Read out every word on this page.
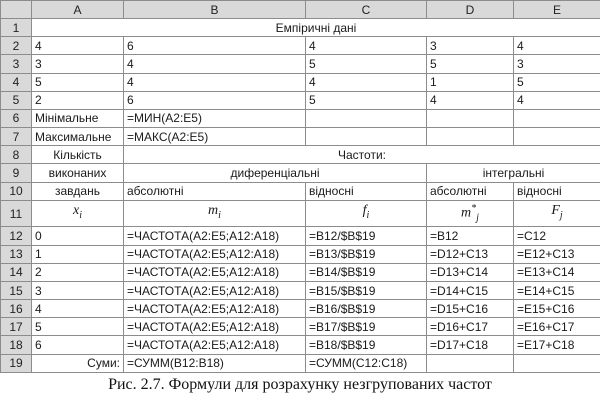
	A	B	C	D	E
1	Емпіричні дані				
2	4	6	4	3	4
3	3	4	5	5	3
4	5	4	4	1	5
5	2	6	5	4	4
6	Мінімальне	=МИН(A2:E5)			
7	Максимальне	=МАКС(A2:E5)			
8	Кількість	Частоти:			
9	виконаних	диференціальні		інтегральні	
10	завдань	абсолютні	відносні	абсолютні	відносні
11	$x_i$	$m_i$	$f_i$	$m^*_j$	$F_j$
12	0	=ЧАСТОТА(A2:E5;A12:A18)	=B12/$B$19	=B12	=C12
13	1	=ЧАСТОТА(A2:E5;A12:A18)	=B13/$B$19	=D12+C13	=E12+C13
14	2	=ЧАСТОТА(A2:E5;A12:A18)	=B14/$B$19	=D13+C14	=E13+C14
15	3	=ЧАСТОТА(A2:E5;A12:A18)	=B15/$B$19	=D14+C15	=E14+C15
16	4	=ЧАСТОТА(A2:E5;A12:A18)	=B16/$B$19	=D15+C16	=E15+C16
17	5	=ЧАСТОТА(A2:E5;A12:A18)	=B17/$B$19	=D16+C17	=E16+C17
18	6	=ЧАСТОТА(A2:E5;A12:A18)	=B18/$B$19	=D17+C18	=E17+C18
19	Суми:	=СУММ(B12:B18)	=СУММ(C12:C18)		
Рис. 2.7. Формули для розрахунку незгрупованих частот
